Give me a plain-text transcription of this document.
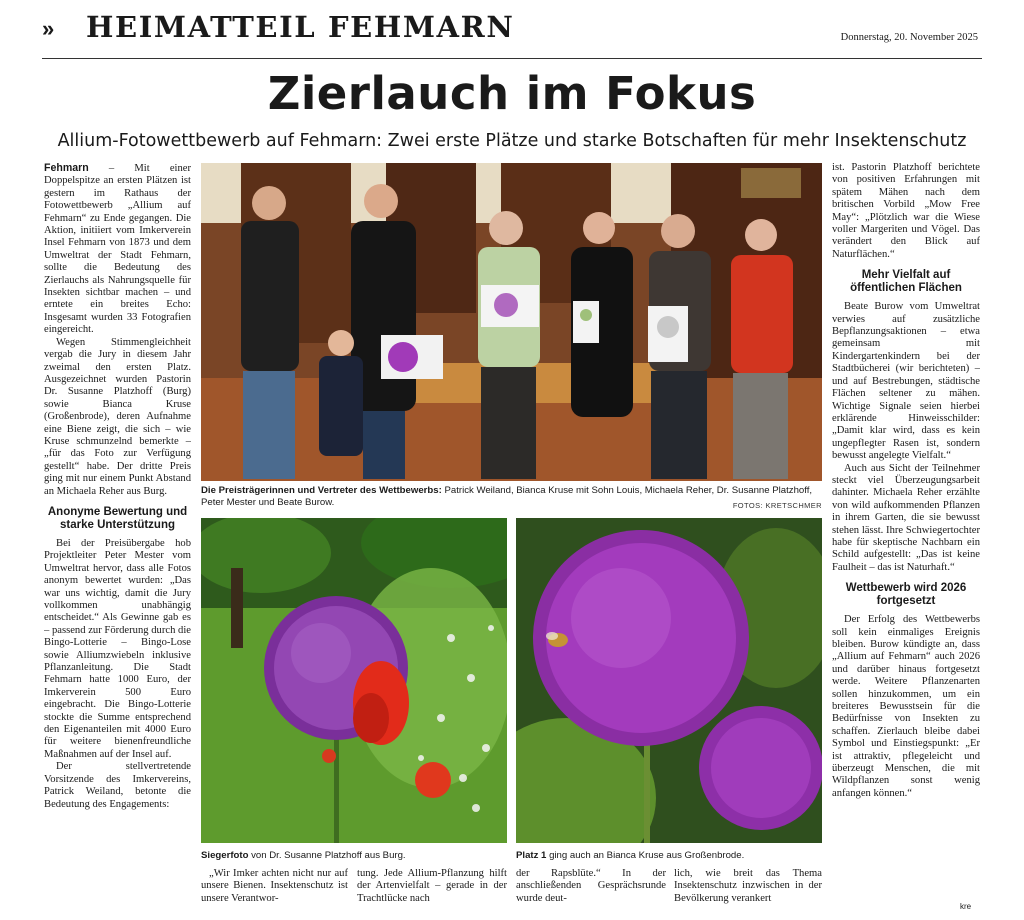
» HEIMATTEIL FEHMARN	Donnerstag, 20. November 2025
Zierlauch im Fokus
Allium-Fotowettbewerb auf Fehmarn: Zwei erste Plätze und starke Botschaften für mehr Insektenschutz

Fehmarn – Mit einer Doppelspitze an ersten Plätzen ist gestern im Rathaus der Fotowettbewerb „Allium auf Fehmarn“ zu Ende gegangen. Die Aktion, initiiert vom Imkerverein Insel Fehmarn von 1873 und dem Umweltrat der Stadt Fehmarn, sollte die Bedeutung des Zierlauchs als Nahrungsquelle für Insekten sichtbar machen – und erntete ein breites Echo: Insgesamt wurden 33 Fotografien eingereicht.

Wegen Stimmengleichheit vergab die Jury in diesem Jahr zweimal den ersten Platz. Ausgezeichnet wurden Pastorin Dr. Susanne Platzhoff (Burg) sowie Bianca Kruse (Großenbrode), deren Aufnahme eine Biene zeigt, die sich – wie Kruse schmunzelnd bemerkte – „für das Foto zur Verfügung gestellt“ habe. Der dritte Preis ging mit nur einem Punkt Abstand an Michaela Reher aus Burg.

Anonyme Bewertung und starke Unterstützung

Bei der Preisübergabe hob Projektleiter Peter Mester vom Umweltrat hervor, dass alle Fotos anonym bewertet wurden: „Das war uns wichtig, damit die Jury vollkommen unabhängig entscheidet.“ Als Gewinne gab es – passend zur Förderung durch die Bingo-Lotterie – Bingo-Lose sowie Alliumzwiebeln inklusive Pflanzanleitung. Die Stadt Fehmarn hatte 1000 Euro, der Imkerverein 500 Euro eingebracht. Die Bingo-Lotterie stockte die Summe entsprechend den Eigenanteilen mit 4000 Euro für weitere bienenfreundliche Maßnahmen auf der Insel auf.

Der stellvertretende Vorsitzende des Imkervereins, Patrick Weiland, betonte die Bedeutung des Engagements:

Die Preisträgerinnen und Vertreter des Wettbewerbs: Patrick Weiland, Bianca Kruse mit Sohn Louis, Michaela Reher, Dr. Susanne Platzhoff, Peter Mester und Beate Burow.	FOTOS: KRETSCHMER
Siegerfoto von Dr. Susanne Platzhoff aus Burg.	Platz 1 ging auch an Bianca Kruse aus Großenbrode.
„Wir Imker achten nicht nur auf unsere Bienen. Insektenschutz ist unsere Verantwor-
tung. Jede Allium-Pflanzung hilft der Artenvielfalt – gerade in der Trachtlücke nach
der Rapsblüte.“ In der anschließenden Gesprächsrunde wurde deut-
lich, wie breit das Thema Insektenschutz inzwischen in der Bevölkerung verankert

ist. Pastorin Platzhoff berichtete von positiven Erfahrungen mit spätem Mähen nach dem britischen Vorbild „Mow Free May“: „Plötzlich war die Wiese voller Margeriten und Vögel. Das verändert den Blick auf Naturflächen.“

Mehr Vielfalt auf öffentlichen Flächen

Beate Burow vom Umweltrat verwies auf zusätzliche Bepflanzungsaktionen – etwa gemeinsam mit Kindergartenkindern bei der Stadtbücherei (wir berichteten) – und auf Bestrebungen, städtische Flächen seltener zu mähen. Wichtige Signale seien hierbei erklärende Hinweisschilder: „Damit klar wird, dass es kein ungepflegter Rasen ist, sondern bewusst angelegte Vielfalt.“

Auch aus Sicht der Teilnehmer steckt viel Überzeugungsarbeit dahinter. Michaela Reher erzählte von wild aufkommenden Pflanzen in ihrem Garten, die sie bewusst stehen lässt. Ihre Schwiegertochter habe für skeptische Nachbarn ein Schild aufgestellt: „Das ist keine Faulheit – das ist Naturhaft.“

Wettbewerb wird 2026 fortgesetzt

Der Erfolg des Wettbewerbs soll kein einmaliges Ereignis bleiben. Burow kündigte an, dass „Allium auf Fehmarn“ auch 2026 und darüber hinaus fortgesetzt werde. Weitere Pflanzenarten sollen hinzukommen, um ein breiteres Bewusstsein für die Bedürfnisse von Insekten zu schaffen. Zierlauch bleibe dabei Symbol und Einstiegspunkt: „Er ist attraktiv, pflegeleicht und überzeugt Menschen, die mit Wildpflanzen sonst wenig anfangen können.“

kre
